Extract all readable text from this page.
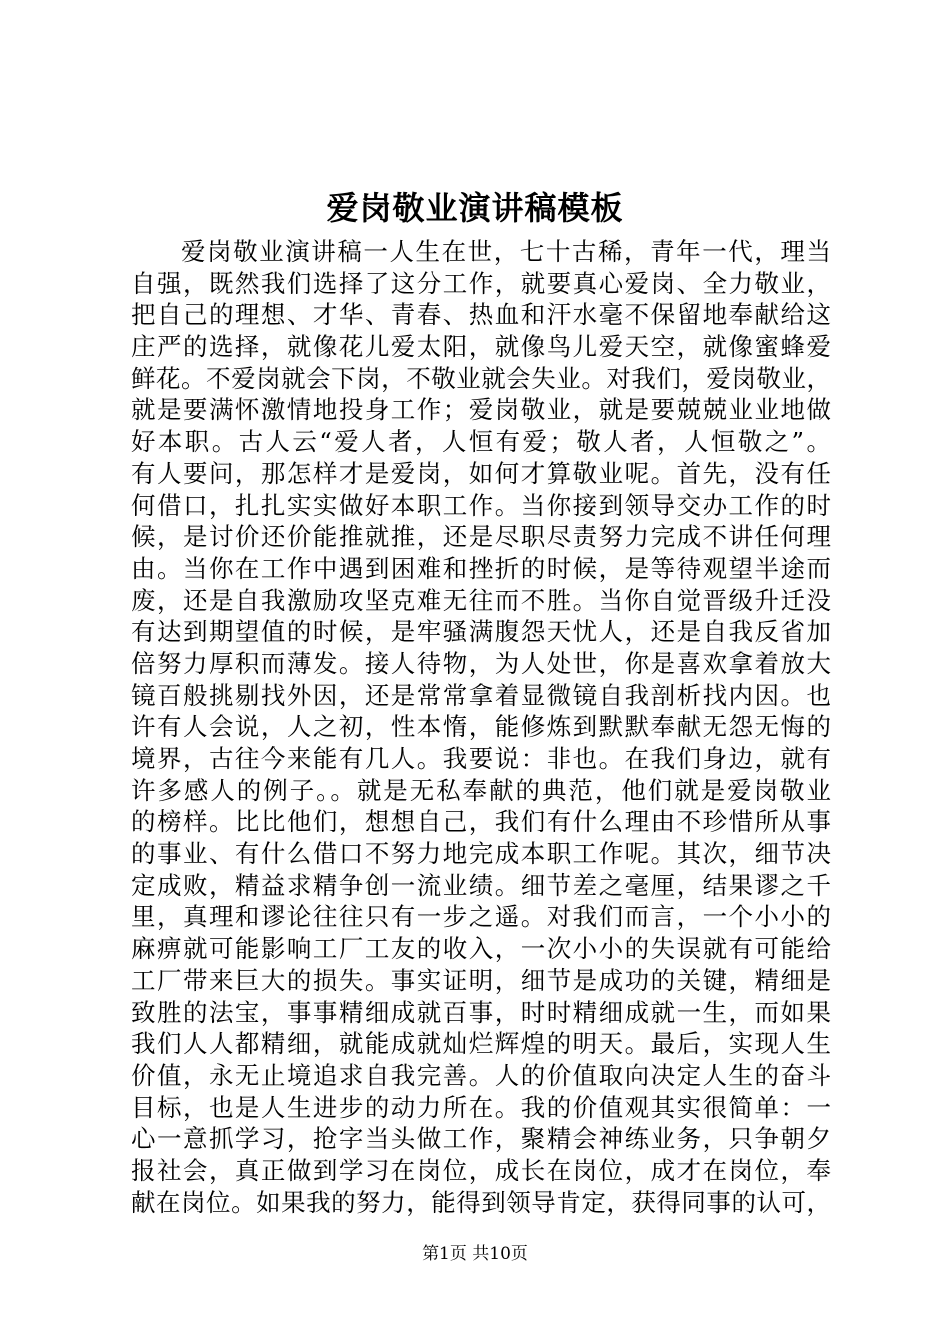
爱岗敬业演讲稿模板
爱岗敬业演讲稿一人生在世，七十古稀，青年一代，理当
自强，既然我们选择了这分工作，就要真心爱岗、全力敬业，
把自己的理想、才华、青春、热血和汗水毫不保留地奉献给这
庄严的选择，就像花儿爱太阳，就像鸟儿爱天空，就像蜜蜂爱
鲜花。不爱岗就会下岗，不敬业就会失业。对我们，爱岗敬业，
就是要满怀激情地投身工作；爱岗敬业，就是要兢兢业业地做
好本职。古人云“爱人者，人恒有爱；敬人者，人恒敬之”。
有人要问，那怎样才是爱岗，如何才算敬业呢。首先，没有任
何借口，扎扎实实做好本职工作。当你接到领导交办工作的时
候，是讨价还价能推就推，还是尽职尽责努力完成不讲任何理
由。当你在工作中遇到困难和挫折的时候，是等待观望半途而
废，还是自我激励攻坚克难无往而不胜。当你自觉晋级升迁没
有达到期望值的时候，是牢骚满腹怨天忧人，还是自我反省加
倍努力厚积而薄发。接人待物，为人处世，你是喜欢拿着放大
镜百般挑剔找外因，还是常常拿着显微镜自我剖析找内因。也
许有人会说，人之初，性本惰，能修炼到默默奉献无怨无悔的
境界，古往今来能有几人。我要说：非也。在我们身边，就有
许多感人的例子。。就是无私奉献的典范，他们就是爱岗敬业
的榜样。比比他们，想想自己，我们有什么理由不珍惜所从事
的事业、有什么借口不努力地完成本职工作呢。其次，细节决
定成败，精益求精争创一流业绩。细节差之毫厘，结果谬之千
里，真理和谬论往往只有一步之遥。对我们而言，一个小小的
麻痹就可能影响工厂工友的收入，一次小小的失误就有可能给
工厂带来巨大的损失。事实证明，细节是成功的关键，精细是
致胜的法宝，事事精细成就百事，时时精细成就一生，而如果
我们人人都精细，就能成就灿烂辉煌的明天。最后，实现人生
价值，永无止境追求自我完善。人的价值取向决定人生的奋斗
目标，也是人生进步的动力所在。我的价值观其实很简单：一
心一意抓学习，抢字当头做工作，聚精会神练业务，只争朝夕
报社会，真正做到学习在岗位，成长在岗位，成才在岗位，奉
献在岗位。如果我的努力，能得到领导肯定，获得同事的认可，
第1页 共10页
